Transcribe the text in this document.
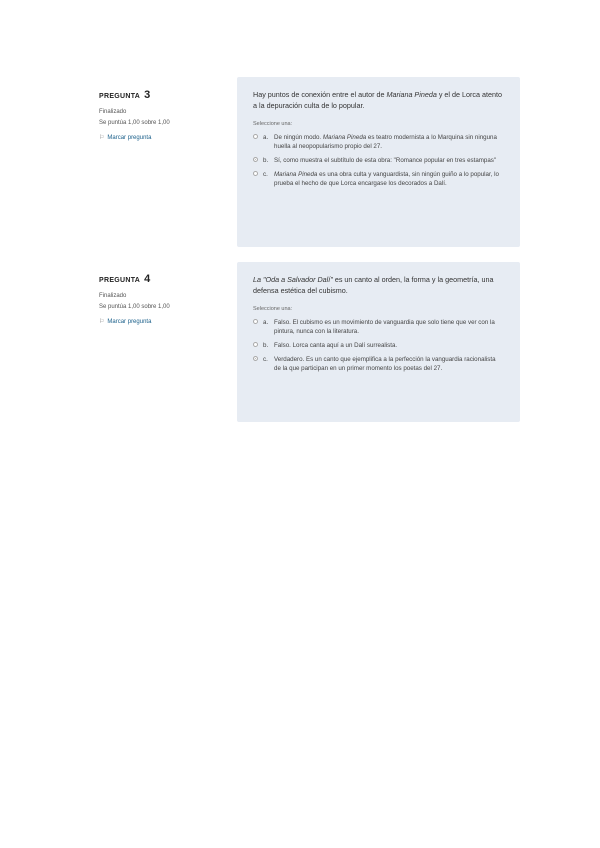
PREGUNTA 3
Finalizado
Se puntúa 1,00 sobre 1,00
⚐ Marcar pregunta
Hay puntos de conexión entre el autor de Mariana Pineda y el de Lorca atento a la depuración culta de lo popular.
Seleccione una:
a. De ningún modo. Mariana Pineda es teatro modernista a lo Marquina sin ninguna huella al neopopularismo propio del 27.
b. Sí, como muestra el subtítulo de esta obra: "Romance popular en tres estampas"
c. Mariana Pineda es una obra culta y vanguardista, sin ningún guiño a lo popular, lo prueba el hecho de que Lorca encargase los decorados a Dalí.
PREGUNTA 4
Finalizado
Se puntúa 1,00 sobre 1,00
⚐ Marcar pregunta
La "Oda a Salvador Dalí" es un canto al orden, la forma y la geometría, una defensa estética del cubismo.
Seleccione una:
a. Falso. El cubismo es un movimiento de vanguardia que solo tiene que ver con la pintura, nunca con la literatura.
b. Falso. Lorca canta aquí a un Dalí surrealista.
c. Verdadero. Es un canto que ejemplifica a la perfección la vanguardia racionalista de la que participan en un primer momento los poetas del 27.
